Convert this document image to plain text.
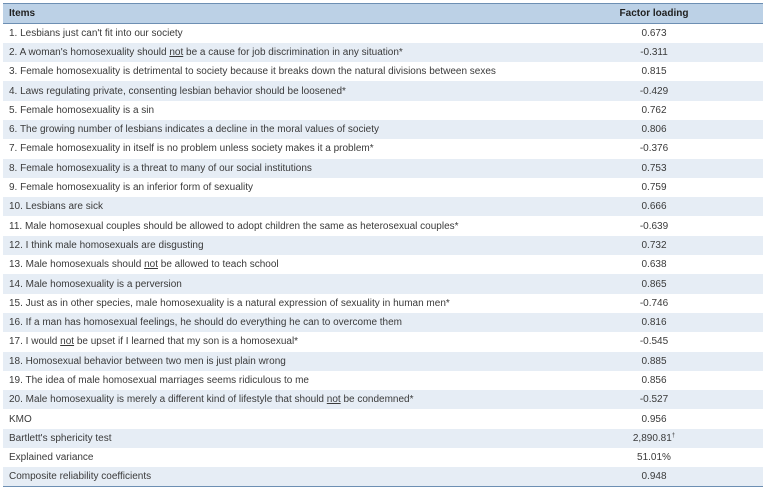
Items	Factor loading
1. Lesbians just can't fit into our society	0.673
2. A woman's homosexuality should not be a cause for job discrimination in any situation*	-0.311
3. Female homosexuality is detrimental to society because it breaks down the natural divisions between sexes	0.815
4. Laws regulating private, consenting lesbian behavior should be loosened*	-0.429
5. Female homosexuality is a sin	0.762
6. The growing number of lesbians indicates a decline in the moral values of society	0.806
7. Female homosexuality in itself is no problem unless society makes it a problem*	-0.376
8. Female homosexuality is a threat to many of our social institutions	0.753
9. Female homosexuality is an inferior form of sexuality	0.759
10. Lesbians are sick	0.666
11. Male homosexual couples should be allowed to adopt children the same as heterosexual couples*	-0.639
12. I think male homosexuals are disgusting	0.732
13. Male homosexuals should not be allowed to teach school	0.638
14. Male homosexuality is a perversion	0.865
15. Just as in other species, male homosexuality is a natural expression of sexuality in human men*	-0.746
16. If a man has homosexual feelings, he should do everything he can to overcome them	0.816
17. I would not be upset if I learned that my son is a homosexual*	-0.545
18. Homosexual behavior between two men is just plain wrong	0.885
19. The idea of male homosexual marriages seems ridiculous to me	0.856
20. Male homosexuality is merely a different kind of lifestyle that should not be condemned*	-0.527
KMO	0.956
Bartlett's sphericity test	2,890.81†
Explained variance	51.01%
Composite reliability coefficients	0.948
